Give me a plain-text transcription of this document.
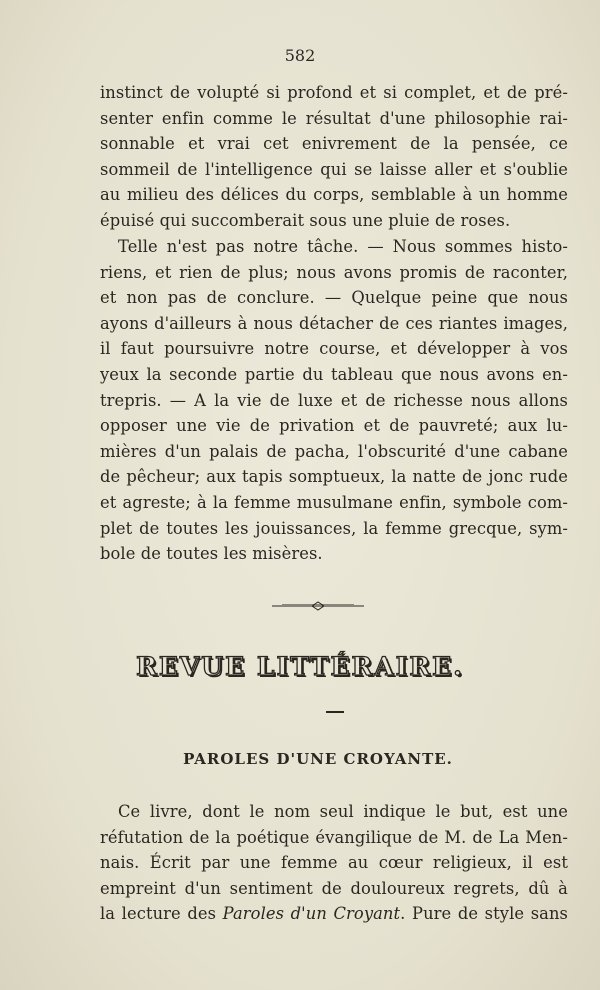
582
instinct de volupté si profond et si complet, et de pré-
senter enfin comme le résultat d'une philosophie rai-
sonnable et vrai cet enivrement de la pensée, ce
sommeil de l'intelligence qui se laisse aller et s'oublie
au milieu des délices du corps, semblable à un homme
épuisé qui succomberait sous une pluie de roses.
Telle n'est pas notre tâche. — Nous sommes histo-
riens, et rien de plus; nous avons promis de raconter,
et non pas de conclure. — Quelque peine que nous
ayons d'ailleurs à nous détacher de ces riantes images,
il faut poursuivre notre course, et développer à vos
yeux la seconde partie du tableau que nous avons en-
trepris. — A la vie de luxe et de richesse nous allons
opposer une vie de privation et de pauvreté; aux lu-
mières d'un palais de pacha, l'obscurité d'une cabane
de pêcheur; aux tapis somptueux, la natte de jonc rude
et agreste; à la femme musulmane enfin, symbole com-
plet de toutes les jouissances, la femme grecque, sym-
bole de toutes les misères.
Ce livre, dont le nom seul indique le but, est une
réfutation de la poétique évangilique de M. de La Men-
nais. Écrit par une femme au cœur religieux, il est
empreint d'un sentiment de douloureux regrets, dû à
REVUE LITTÉRAIRE.
PAROLES D'UNE CROYANTE.
la lecture des Paroles d'un Croyant. Pure de style sans
